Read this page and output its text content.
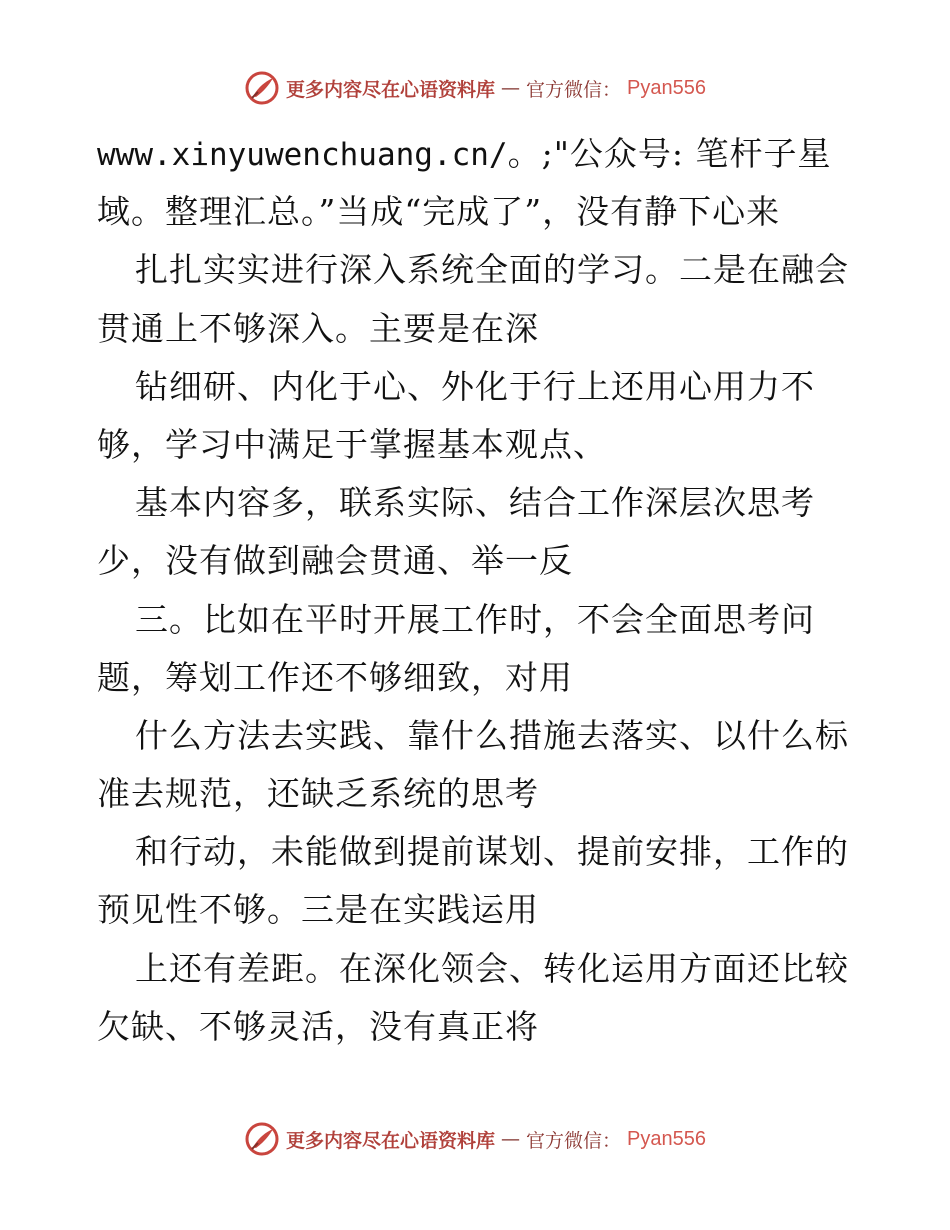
更多内容尽在心语资料库 — 官方微信： Pyan556
www.xinyuwenchuang.cn/。;"公众号: 笔杆子星
域。整理汇总。”当成“完成了”，没有静下心来
扎扎实实进行深入系统全面的学习。二是在融会
贯通上不够深入。主要是在深
钻细研、内化于心、外化于行上还用心用力不
够，学习中满足于掌握基本观点、
基本内容多，联系实际、结合工作深层次思考
少，没有做到融会贯通、举一反
三。比如在平时开展工作时，不会全面思考问
题，筹划工作还不够细致，对用
什么方法去实践、靠什么措施去落实、以什么标
准去规范，还缺乏系统的思考
和行动，未能做到提前谋划、提前安排，工作的
预见性不够。三是在实践运用
上还有差距。在深化领会、转化运用方面还比较
欠缺、不够灵活，没有真正将
更多内容尽在心语资料库 — 官方微信： Pyan556
